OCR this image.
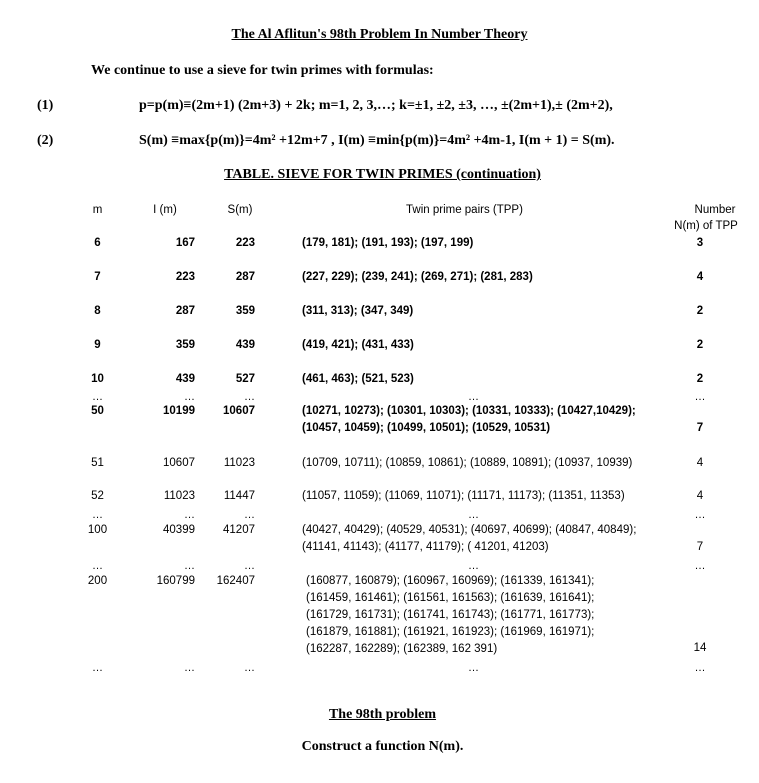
The Al Aflitun's 98th Problem In Number Theory
We continue to use a sieve for twin primes with formulas:
(1)	p=p(m)≡(2m+1) (2m+3) + 2k; m=1, 2, 3,…; k=±1, ±2, ±3, …, ±(2m+1),± (2m+2),
(2)	S(m) ≡max{p(m)}=4m² +12m+7 , I(m) ≡min{p(m)}=4m² +4m-1, I(m + 1) = S(m).
TABLE. SIEVE FOR TWIN PRIMES (continuation)
m	I (m)	S(m)	Twin prime pairs (TPP)	Number
N(m) of TPP
6	167	223	(179, 181); (191, 193); (197, 199)	3
7	223	287	(227, 229); (239, 241); (269, 271); (281, 283)	4
8	287	359	(311, 313); (347, 349)	2
9	359	439	(419, 421); (431, 433)	2
10	439	527	(461, 463); (521, 523)	2
…	…	…	…	…
50	10199	10607	(10271, 10273); (10301, 10303); (10331, 10333); (10427,10429);
(10457, 10459); (10499, 10501); (10529, 10531)	7
51	10607	11023	(10709, 10711); (10859, 10861); (10889, 10891); (10937, 10939)	4
…	…	…	…	…
52	11023	11447	(11057, 11059); (11069, 11071); (11171, 11173); (11351, 11353)	4
…	…	…	…	…
100	40399	41207	(40427, 40429); (40529, 40531); (40697, 40699); (40847, 40849);
(41141, 41143); (41177, 41179); ( 41201, 41203)	7
200	160799	162407	(160877, 160879); (160967, 160969); (161339, 161341);
(161459, 161461); (161561, 161563); (161639, 161641);
(161729, 161731); (161741, 161743); (161771, 161773);
(161879, 161881); (161921, 161923); (161969, 161971);
(162287, 162289); (162389, 162 391)	14
…	…	…	…	…
The 98th problem
Construct a function N(m).
